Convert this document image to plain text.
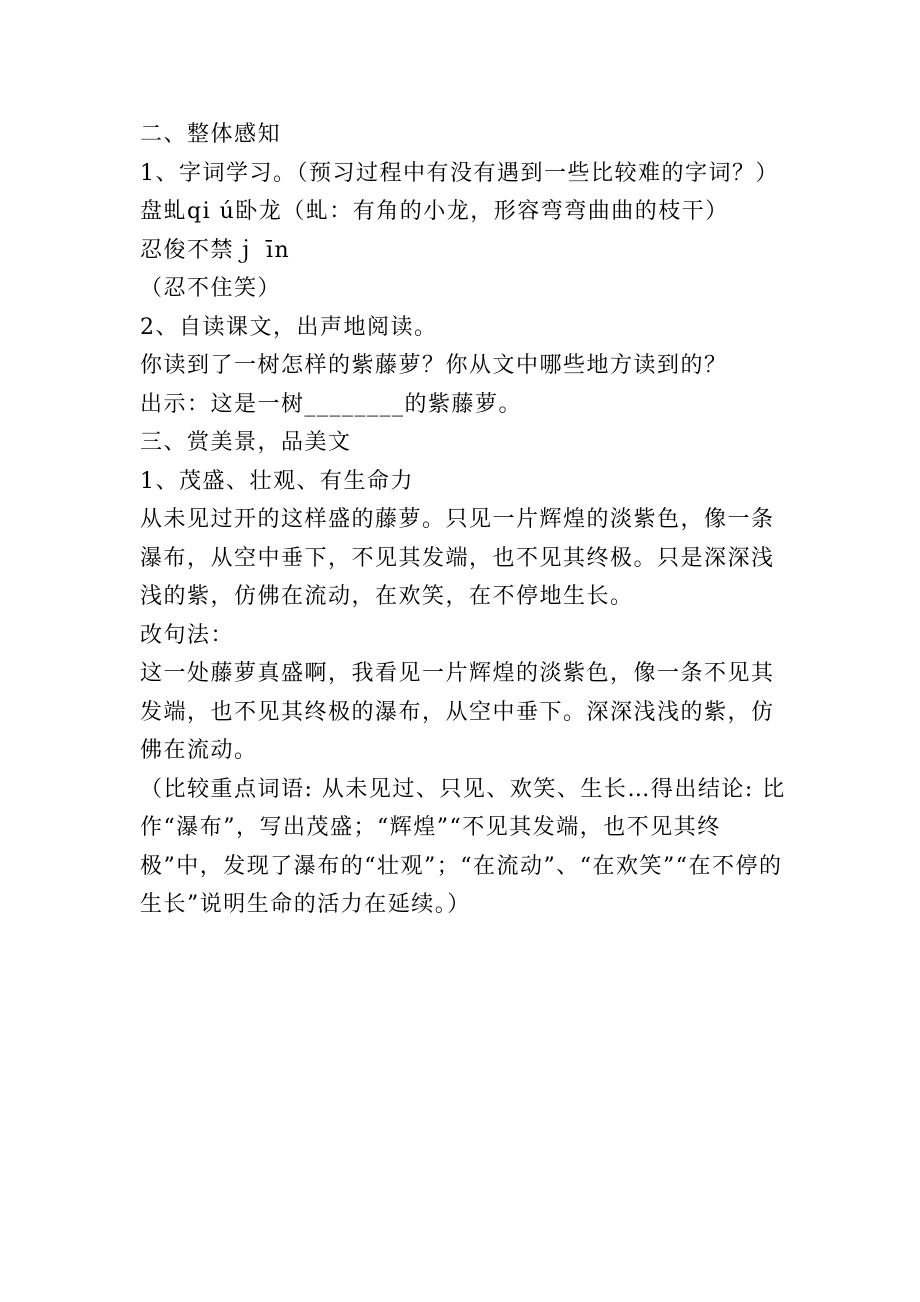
二、整体感知

1、字词学习。（预习过程中有没有遇到一些比较难的字词？）

盘虬qi ú卧龙（虬：有角的小龙，形容弯弯曲曲的枝干）

忍俊不禁ｊ īn

（忍不住笑）

2、自读课文，出声地阅读。

你读到了一树怎样的紫藤萝？你从文中哪些地方读到的？

出示：这是一树________的紫藤萝。

三、赏美景，品美文

1、茂盛、壮观、有生命力

从未见过开的这样盛的藤萝。只见一片辉煌的淡紫色，像一条瀑布，从空中垂下，不见其发端，也不见其终极。只是深深浅浅的紫，仿佛在流动，在欢笑，在不停地生长。

改句法：

这一处藤萝真盛啊，我看见一片辉煌的淡紫色，像一条不见其发端，也不见其终极的瀑布，从空中垂下。深深浅浅的紫，仿佛在流动。

（比较重点词语: 从未见过、只见、欢笑、生长…得出结论: 比作“瀑布”，写出茂盛；“辉煌”“不见其发端，也不见其终极”中，发现了瀑布的“壮观”；“在流动”、“在欢笑”“在不停的生长”说明生命的活力在延续。）
